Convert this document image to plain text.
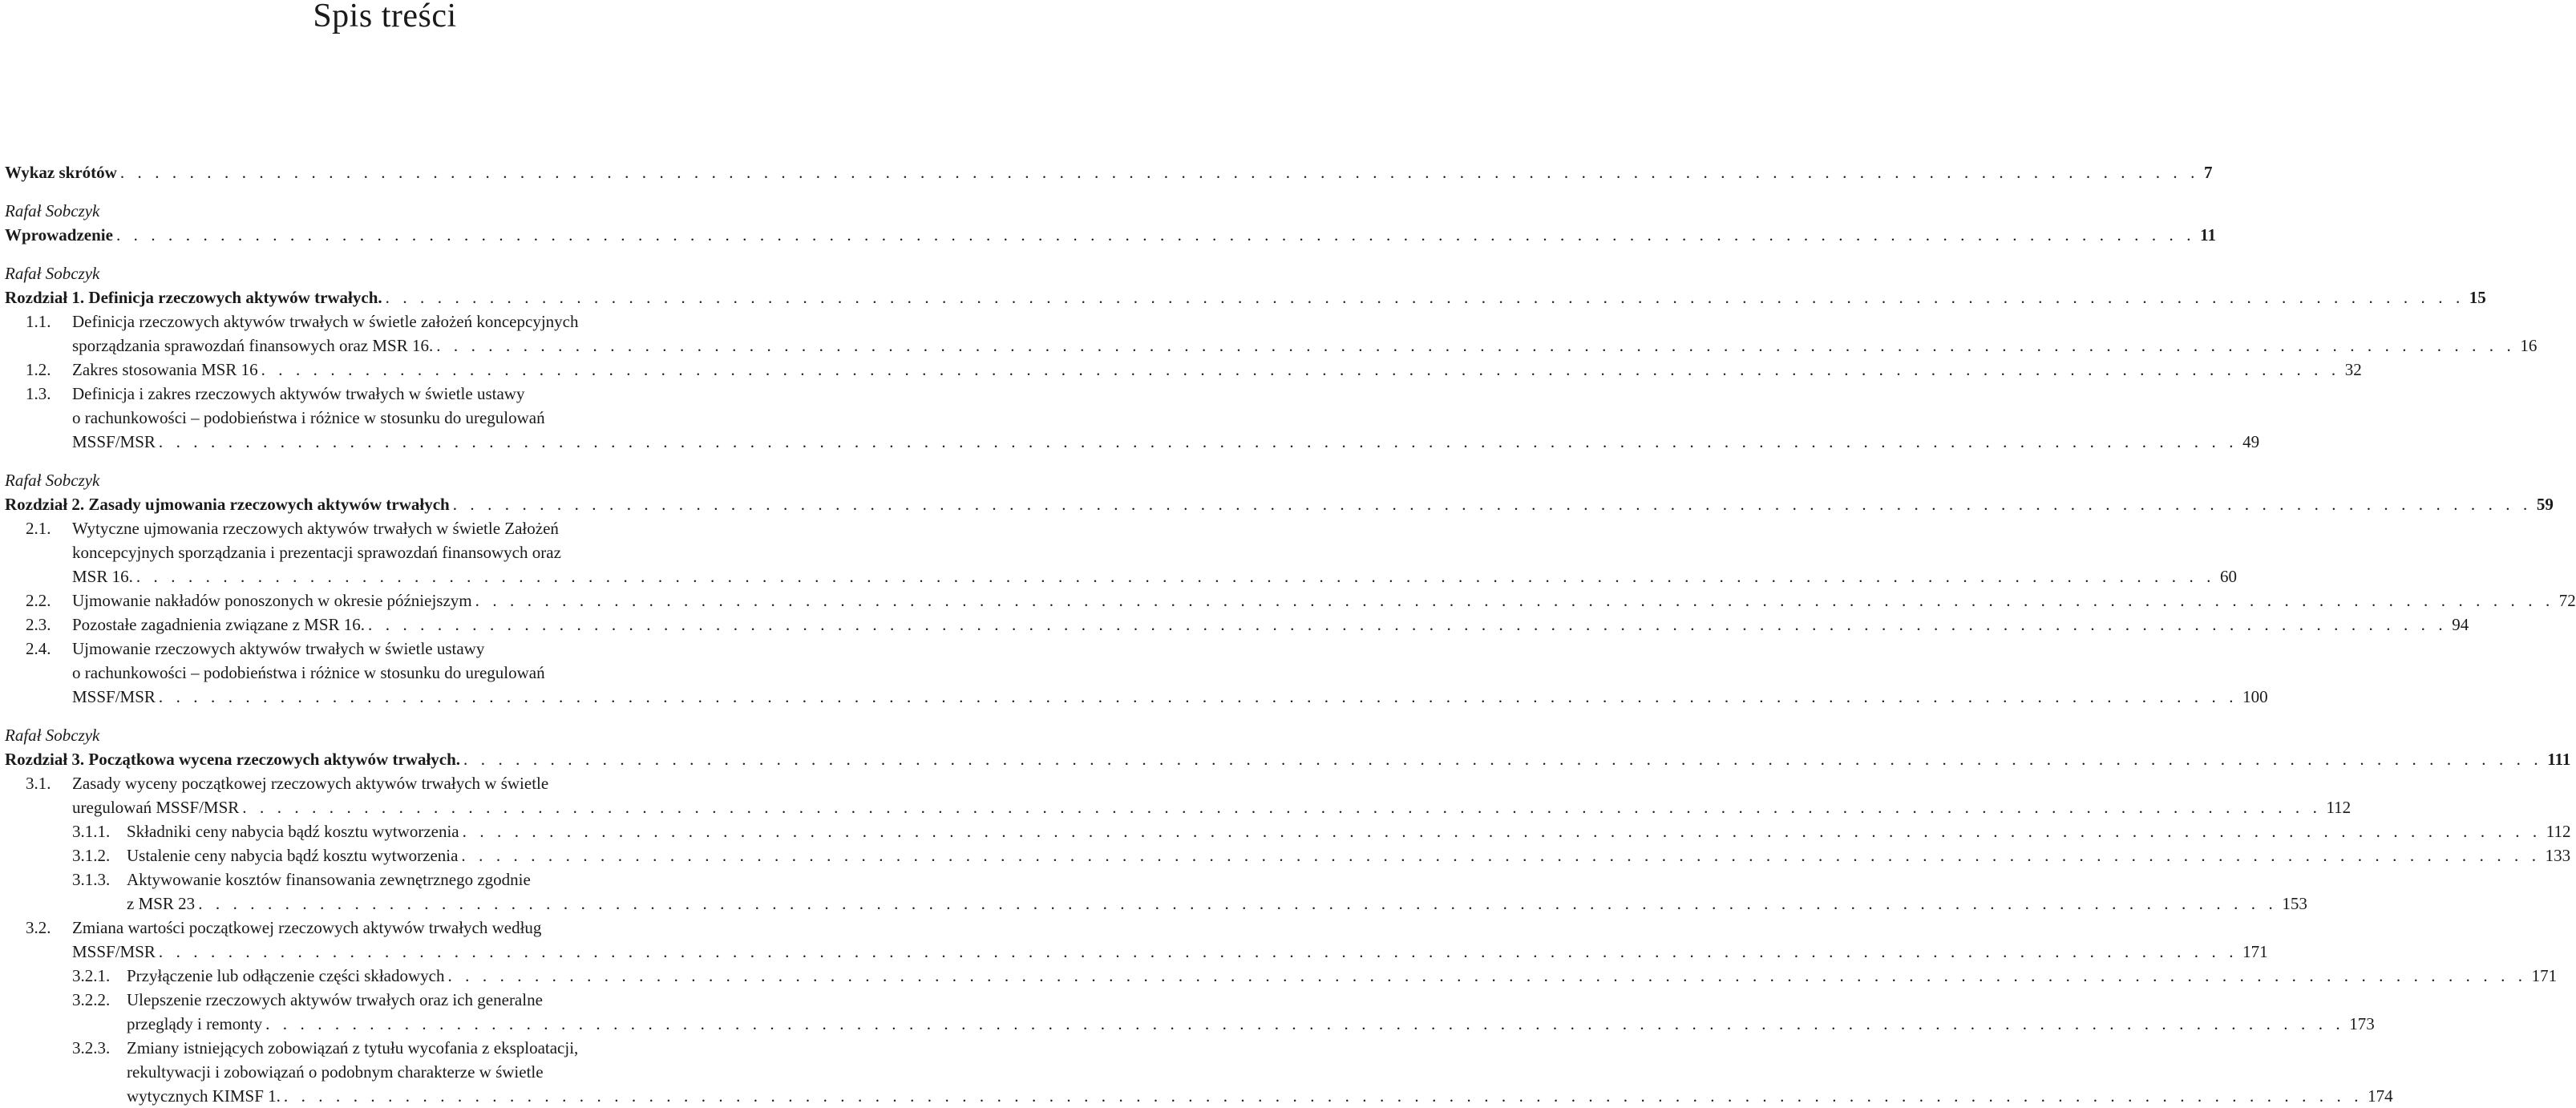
Spis treści
Wykaz skrótów . . . . . . . . . . . . . . . . . . . . . . . . . . . . . . . . . . . . . . . . . . . . . . . . . . . . . . . . . . . . . . . . . . . . . . . . . . . . . . . . . . . . . . . . . . . . . . . . . . . . . . . . . . . . . . . . . . . . . . . . 7
Rafał Sobczyk
Wprowadzenie . . . . . . . . . . . . . . . . . . . . . . . . . . . . . . . . . . . . . . . . . . . . . . . . . . . . . . . . . . . . . . . . . . . . . . . . . . . . . . . . . . . . . . . . . . . . . . . . . . . . . . . . . . . . . . . . . . . . . . . . 11
Rafał Sobczyk
Rozdział 1. Definicja rzeczowych aktywów trwałych. . . . . . . . . . . . . . . . . . . . . . . . . . . . . . . . . . . . . . . . . . . . . . . . . . . . . . . . . . . . . . . . . . . . . . . . . . . . . . . . . . . . . . . . . . . . . . . . . . . . . . . . . . . . . . . . . . . . . . . . . 15
1.1. Definicja rzeczowych aktywów trwałych w świetle założeń koncepcyjnych
sporządzania sprawozdań finansowych oraz MSR 16. . . . . . . . . . . . . . . . . . . . . . . . . . . . . . . . . . . . . . . . . . . . . . . . . . . . . . . . . . . . . . . . . . . . . . . . . . . . . . . . . . . . . . . . . . . . . . . . . . . . . . . . . . . . . . . . . . . . . . . . . 16
1.2. Zakres stosowania MSR 16 . . . . . . . . . . . . . . . . . . . . . . . . . . . . . . . . . . . . . . . . . . . . . . . . . . . . . . . . . . . . . . . . . . . . . . . . . . . . . . . . . . . . . . . . . . . . . . . . . . . . . . . . . . . . . . . . . . . . . . . . 32
1.3. Definicja i zakres rzeczowych aktywów trwałych w świetle ustawy
o rachunkowości – podobieństwa i różnice w stosunku do uregulowań
MSSF/MSR . . . . . . . . . . . . . . . . . . . . . . . . . . . . . . . . . . . . . . . . . . . . . . . . . . . . . . . . . . . . . . . . . . . . . . . . . . . . . . . . . . . . . . . . . . . . . . . . . . . . . . . . . . . . . . . . . . . . . . . . 49
Rafał Sobczyk
Rozdział 2. Zasady ujmowania rzeczowych aktywów trwałych . . . . . . . . . . . . . . . . . . . . . . . . . . . . . . . . . . . . . . . . . . . . . . . . . . . . . . . . . . . . . . . . . . . . . . . . . . . . . . . . . . . . . . . . . . . . . . . . . . . . . . . . . . . . . . . . . . . . . . . . 59
2.1. Wytyczne ujmowania rzeczowych aktywów trwałych w świetle Założeń
koncepcyjnych sporządzania i prezentacji sprawozdań finansowych oraz
MSR 16. . . . . . . . . . . . . . . . . . . . . . . . . . . . . . . . . . . . . . . . . . . . . . . . . . . . . . . . . . . . . . . . . . . . . . . . . . . . . . . . . . . . . . . . . . . . . . . . . . . . . . . . . . . . . . . . . . . . . . . . . 60
2.2. Ujmowanie nakładów ponoszonych w okresie późniejszym . . . . . . . . . . . . . . . . . . . . . . . . . . . . . . . . . . . . . . . . . . . . . . . . . . . . . . . . . . . . . . . . . . . . . . . . . . . . . . . . . . . . . . . . . . . . . . . . . . . . . . . . . . . . . . . . . . . . . . . . 72
2.3. Pozostałe zagadnienia związane z MSR 16. . . . . . . . . . . . . . . . . . . . . . . . . . . . . . . . . . . . . . . . . . . . . . . . . . . . . . . . . . . . . . . . . . . . . . . . . . . . . . . . . . . . . . . . . . . . . . . . . . . . . . . . . . . . . . . . . . . . . . . . . 94
2.4. Ujmowanie rzeczowych aktywów trwałych w świetle ustawy
o rachunkowości – podobieństwa i różnice w stosunku do uregulowań
MSSF/MSR . . . . . . . . . . . . . . . . . . . . . . . . . . . . . . . . . . . . . . . . . . . . . . . . . . . . . . . . . . . . . . . . . . . . . . . . . . . . . . . . . . . . . . . . . . . . . . . . . . . . . . . . . . . . . . . . . . . . . . . . 100
Rafał Sobczyk
Rozdział 3. Początkowa wycena rzeczowych aktywów trwałych. . . . . . . . . . . . . . . . . . . . . . . . . . . . . . . . . . . . . . . . . . . . . . . . . . . . . . . . . . . . . . . . . . . . . . . . . . . . . . . . . . . . . . . . . . . . . . . . . . . . . . . . . . . . . . . . . . . . . . . . . 111
3.1. Zasady wyceny początkowej rzeczowych aktywów trwałych w świetle
uregulowań MSSF/MSR . . . . . . . . . . . . . . . . . . . . . . . . . . . . . . . . . . . . . . . . . . . . . . . . . . . . . . . . . . . . . . . . . . . . . . . . . . . . . . . . . . . . . . . . . . . . . . . . . . . . . . . . . . . . . . . . . . . . . . . . 112
3.1.1. Składniki ceny nabycia bądź kosztu wytworzenia . . . . . . . . . . . . . . . . . . . . . . . . . . . . . . . . . . . . . . . . . . . . . . . . . . . . . . . . . . . . . . . . . . . . . . . . . . . . . . . . . . . . . . . . . . . . . . . . . . . . . . . . . . . . . . . . . . . . . . . . 112
3.1.2. Ustalenie ceny nabycia bądź kosztu wytworzenia . . . . . . . . . . . . . . . . . . . . . . . . . . . . . . . . . . . . . . . . . . . . . . . . . . . . . . . . . . . . . . . . . . . . . . . . . . . . . . . . . . . . . . . . . . . . . . . . . . . . . . . . . . . . . . . . . . . . . . . . 133
3.1.3. Aktywowanie kosztów finansowania zewnętrznego zgodnie
z MSR 23 . . . . . . . . . . . . . . . . . . . . . . . . . . . . . . . . . . . . . . . . . . . . . . . . . . . . . . . . . . . . . . . . . . . . . . . . . . . . . . . . . . . . . . . . . . . . . . . . . . . . . . . . . . . . . . . . . . . . . . . . 153
3.2. Zmiana wartości początkowej rzeczowych aktywów trwałych według
MSSF/MSR . . . . . . . . . . . . . . . . . . . . . . . . . . . . . . . . . . . . . . . . . . . . . . . . . . . . . . . . . . . . . . . . . . . . . . . . . . . . . . . . . . . . . . . . . . . . . . . . . . . . . . . . . . . . . . . . . . . . . . . . 171
3.2.1. Przyłączenie lub odłączenie części składowych . . . . . . . . . . . . . . . . . . . . . . . . . . . . . . . . . . . . . . . . . . . . . . . . . . . . . . . . . . . . . . . . . . . . . . . . . . . . . . . . . . . . . . . . . . . . . . . . . . . . . . . . . . . . . . . . . . . . . . . . 171
3.2.2. Ulepszenie rzeczowych aktywów trwałych oraz ich generalne
przeglądy i remonty . . . . . . . . . . . . . . . . . . . . . . . . . . . . . . . . . . . . . . . . . . . . . . . . . . . . . . . . . . . . . . . . . . . . . . . . . . . . . . . . . . . . . . . . . . . . . . . . . . . . . . . . . . . . . . . . . . . . . . . . 173
3.2.3. Zmiany istniejących zobowiązań z tytułu wycofania z eksploatacji,
rekultywacji i zobowiązań o podobnym charakterze w świetle
wytycznych KIMSF 1. . . . . . . . . . . . . . . . . . . . . . . . . . . . . . . . . . . . . . . . . . . . . . . . . . . . . . . . . . . . . . . . . . . . . . . . . . . . . . . . . . . . . . . . . . . . . . . . . . . . . . . . . . . . . . . . . . . . . . . . . 174
